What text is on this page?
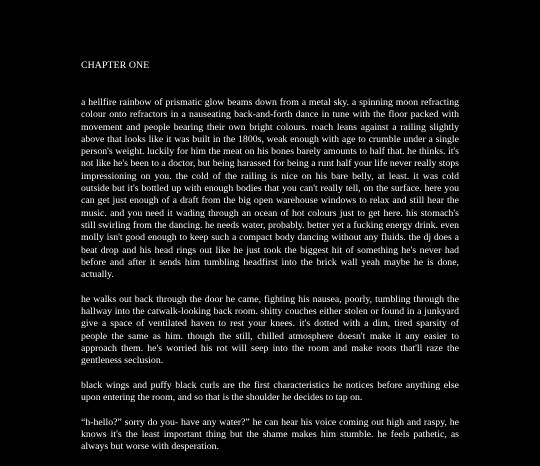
CHAPTER ONE

a hellfire rainbow of prismatic glow beams down from a metal sky. a spinning moon refracting colour onto refractors in a nauseating back-and-forth dance in tune with the floor packed with movement and people bearing their own bright colours. roach leans against a railing slightly above that looks like it was built in the 1800s, weak enough with age to crumble under a single person's weight. luckily for him the meat on his bones barely amounts to half that. he thinks. it's not like he's been to a doctor, but being harassed for being a runt half your life never really stops impressioning on you. the cold of the railing is nice on his bare belly, at least. it was cold outside but it's bottled up with enough bodies that you can't really tell, on the surface. here you can get just enough of a draft from the big open warehouse windows to relax and still hear the music. and you need it wading through an ocean of hot colours just to get here. his stomach's still swirling from the dancing. he needs water, probably. better yet a fucking energy drink. even molly isn't good enough to keep such a compact body dancing without any fluids. the dj does a beat drop and his head rings out like he just took the biggest hit of something he's never had before and after it sends him tumbling headfirst into the brick wall yeah maybe he is done, actually.

he walks out back through the door he came, fighting his nausea, poorly, tumbling through the hallway into the catwalk-looking back room. shitty couches either stolen or found in a junkyard give a space of ventilated haven to rest your knees. it's dotted with a dim, tired sparsity of people the same as him. though the still, chilled atmosphere doesn't make it any easier to approach them. he's worried his rot will seep into the room and make roots that'll raze the gentleness seclusion.

black wings and puffy black curls are the first characteristics he notices before anything else upon entering the room, and so that is the shoulder he decides to tap on.

“h-hello?” sorry do you- have any water?” he can hear his voice coming out high and raspy, he knows it's the least important thing but the shame makes him stumble. he feels pathetic, as always but worse with desperation.
